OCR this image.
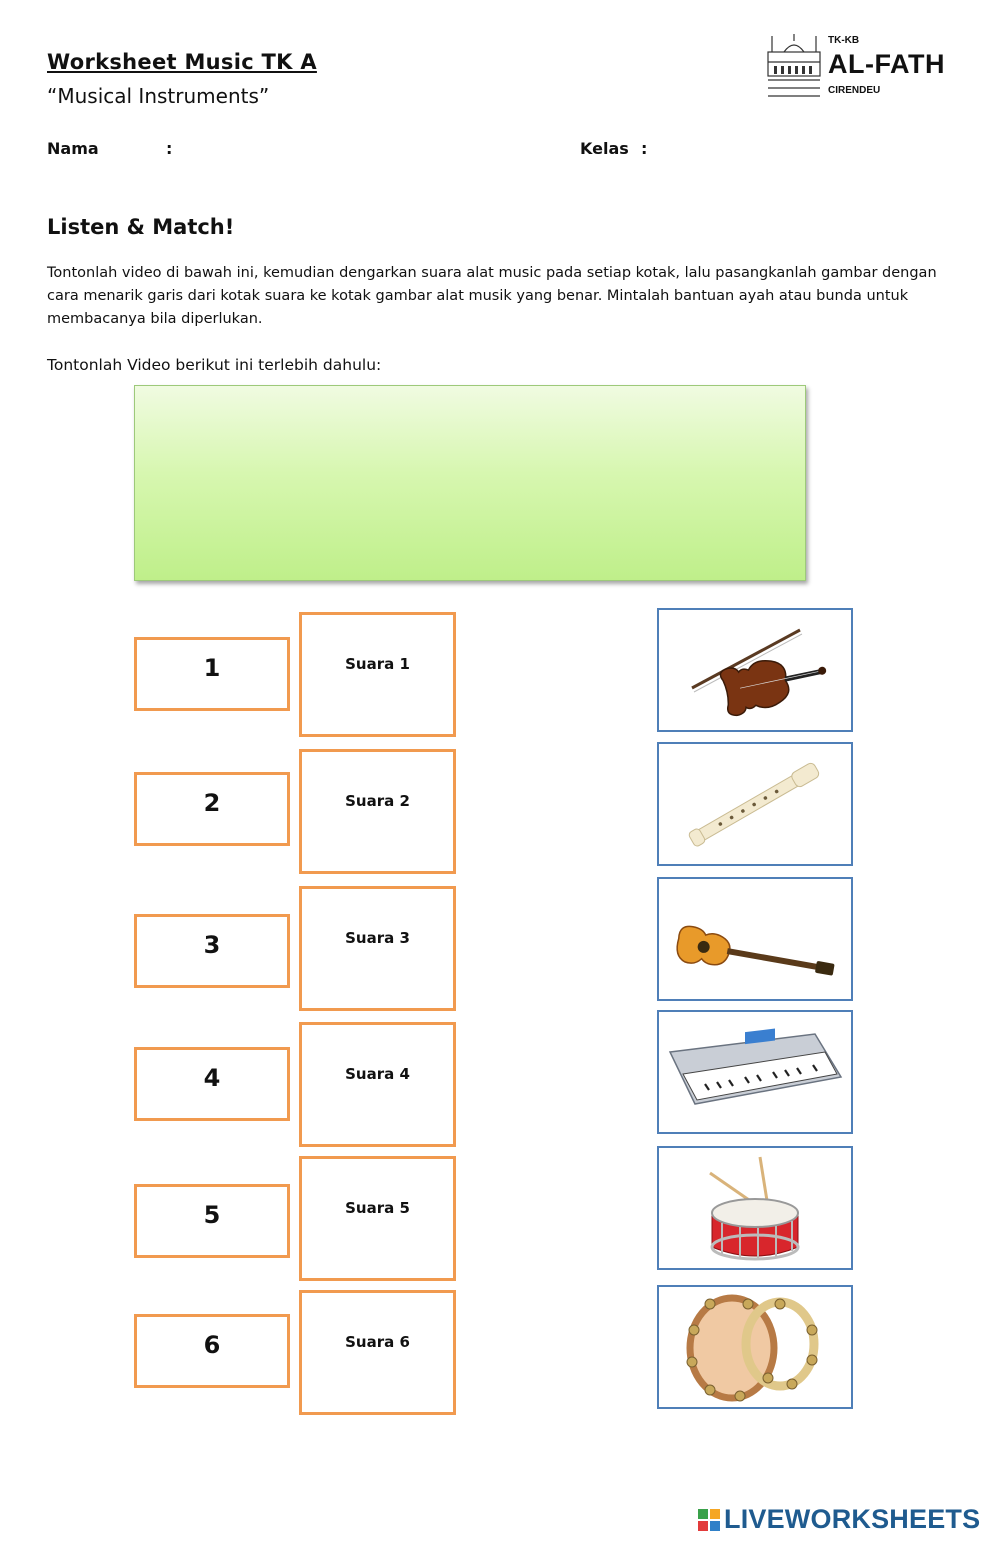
Worksheet Music TK A
“Musical Instruments”
TK-KB
AL-FATH
CIRENDEU
Nama	:	Kelas :
Listen & Match!
Tontonlah video di bawah ini, kemudian dengarkan suara alat music pada setiap kotak, lalu pasangkanlah gambar dengan cara menarik garis dari kotak suara ke kotak gambar alat musik yang benar. Mintalah bantuan ayah atau bunda untuk membacanya bila diperlukan.
Tontonlah Video berikut ini terlebih dahulu:
1	Suara 1
2	Suara 2
3	Suara 3
4	Suara 4
5	Suara 5
6	Suara 6
LIVEWORKSHEETS
